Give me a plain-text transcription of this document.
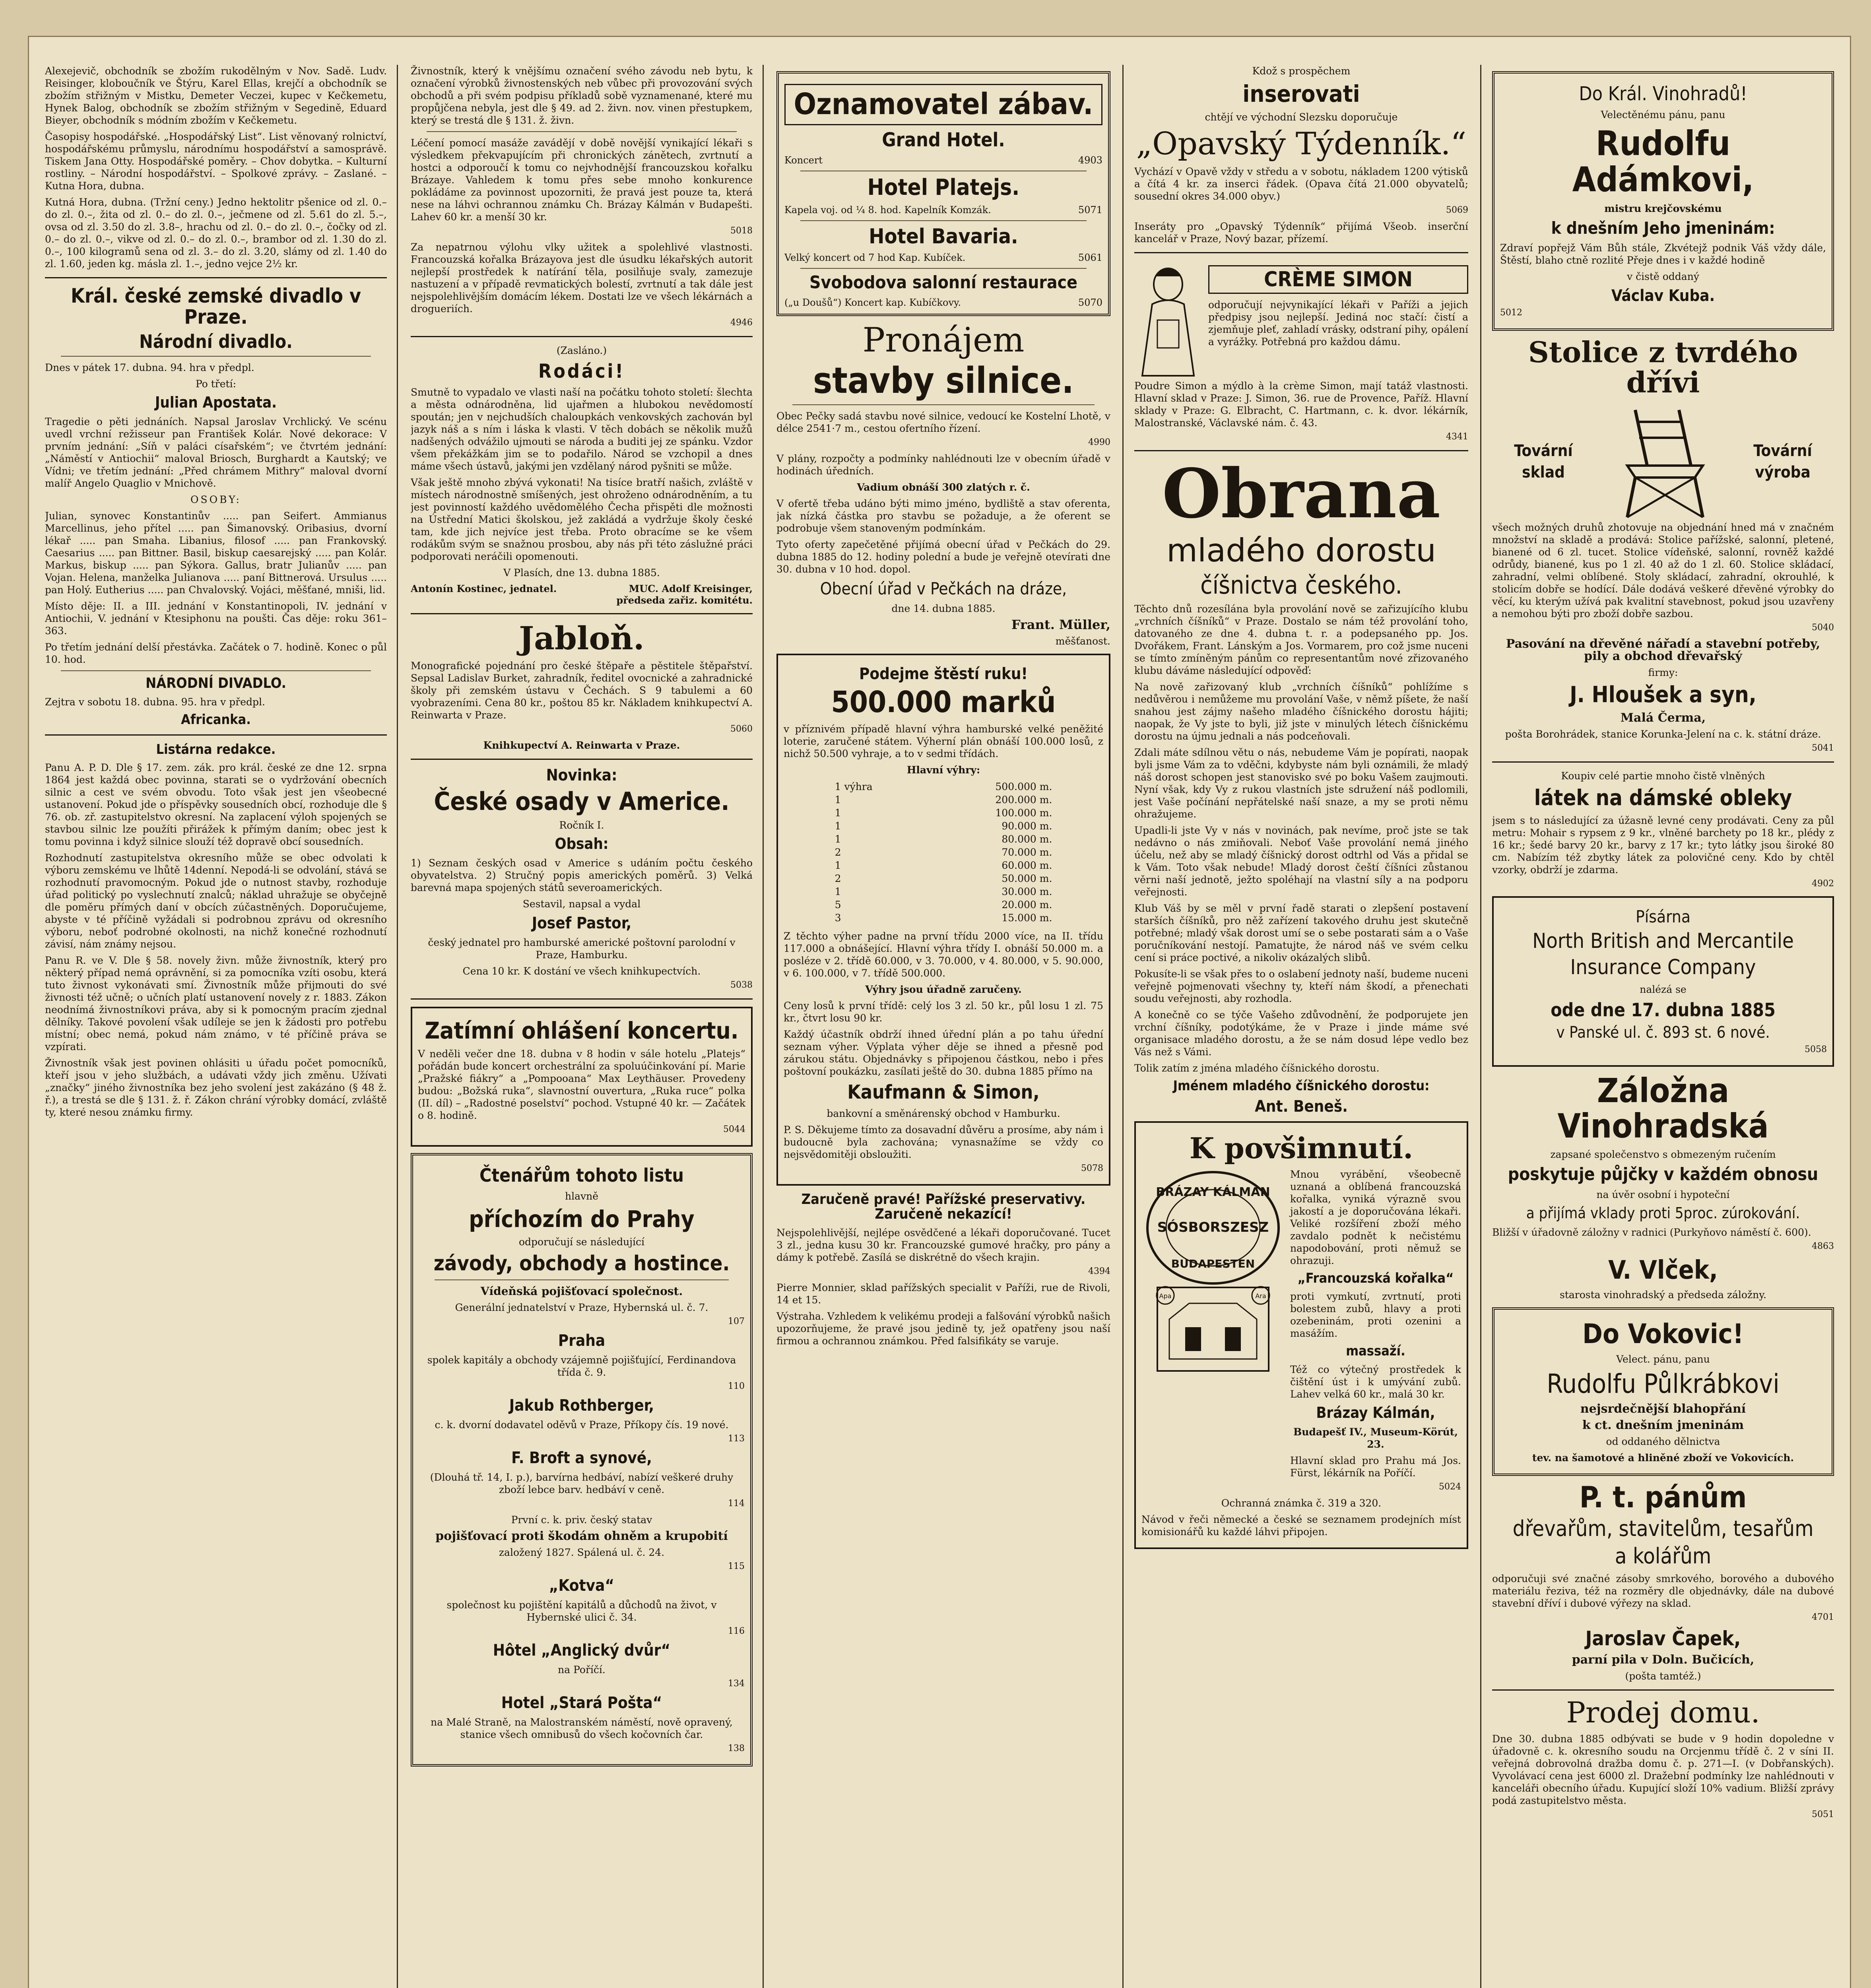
Alexejevič, obchodník se zbožím rukodělným v Nov. Sadě. Ludv. Reisinger, kloboučník ve Štýru, Karel Ellas, krejčí a obchodník se zbožím střižným v Mistku, Demeter Veczei, kupec v Kečkemetu, Hynek Balog, obchodník se zbožím střižným v Segedině, Eduard Bieyer, obchodník s módním zbožím v Kečkemetu.

Časopisy hospodářské. „Hospodářský List“. List věnovaný rolnictví, hospodářskému průmyslu, národnímu hospodářství a samosprávě. Tiskem Jana Otty. Hospodářské poměry. – Chov dobytka. – Kulturní rostliny. – Národní hospodářství. – Spolkové zprávy. – Zaslané. – Kutna Hora, dubna.

Kutná Hora, dubna. (Tržní ceny.) Jedno hektolitr pšenice od zl. 0.– do zl. 0.–, žita od zl. 0.– do zl. 0.–, ječmene od zl. 5.61 do zl. 5.–, ovsa od zl. 3.50 do zl. 3.8–, hrachu od zl. 0.– do zl. 0.–, čočky od zl. 0.– do zl. 0.–, vikve od zl. 0.– do zl. 0.–, brambor od zl. 1.30 do zl. 0.–, 100 kilogramů sena od zl. 3.– do zl. 3.20, slámy od zl. 1.40 do zl. 1.60, jeden kg. másla zl. 1.–, jedno vejce 2½ kr.

Král. české zemské divadlo v Praze.
Národní divadlo.

Dnes v pátek 17. dubna. 94. hra v předpl.

Po třetí:

Julian Apostata.

Tragedie o pěti jednáních. Napsal Jaroslav Vrchlický. Ve scénu uvedl vrchní režisseur pan František Kolár. Nové dekorace: V prvním jednání: „Síň v paláci císařském“; ve čtvrtém jednání: „Náměstí v Antiochii“ maloval Briosch, Burghardt a Kautský; ve Vídni; ve třetím jednání: „Před chrámem Mithry“ maloval dvorní malíř Angelo Quaglio v Mnichově.

OSOBY:

Julian, synovec Konstantinův ..... pan Seifert. Ammianus Marcellinus, jeho přítel ..... pan Šimanovský. Oribasius, dvorní lékař ..... pan Smaha. Libanius, filosof ..... pan Frankovský. Caesarius ..... pan Bittner. Basil, biskup caesarejský ..... pan Kolár. Markus, biskup ..... pan Sýkora. Gallus, bratr Julianův ..... pan Vojan. Helena, manželka Julianova ..... paní Bittnerová. Ursulus ..... pan Holý. Eutherius ..... pan Chvalovský. Vojáci, měšťané, mniši, lid.

Místo děje: II. a III. jednání v Konstantinopoli, IV. jednání v Antiochii, V. jednání v Ktesiphonu na poušti. Čas děje: roku 361–363.

Po třetím jednání delší přestávka. Začátek o 7. hodině. Konec o půl 10. hod.

NÁRODNÍ DIVADLO.

Zejtra v sobotu 18. dubna. 95. hra v předpl.

Africanka.
Listárna redakce.

Panu A. P. D. Dle § 17. zem. zák. pro král. české ze dne 12. srpna 1864 jest každá obec povinna, starati se o vydržování obecních silnic a cest ve svém obvodu. Toto však jest jen všeobecné ustanovení. Pokud jde o příspěvky sousedních obcí, rozhoduje dle § 76. ob. zř. zastupitelstvo okresní. Na zaplacení výloh spojených se stavbou silnic lze použíti přirážek k přímým daním; obec jest k tomu povinna i když silnice slouží též dopravě obcí sousedních.

Rozhodnutí zastupitelstva okresního může se obec odvolati k výboru zemskému ve lhůtě 14denní. Nepodá-li se odvolání, stává se rozhodnutí pravomocným. Pokud jde o nutnost stavby, rozhoduje úřad politický po vyslechnutí znalců; náklad uhražuje se obyčejně dle poměru přímých daní v obcích zúčastněných. Doporučujeme, abyste v té příčině vyžádali si podrobnou zprávu od okresního výboru, neboť podrobné okolnosti, na nichž konečné rozhodnutí závisí, nám známy nejsou.

Panu R. ve V. Dle § 58. novely živn. může živnostník, který pro některý případ nemá oprávnění, si za pomocníka vzíti osobu, která tuto živnost vykonávati smí. Živnostník může přijmouti do své živnosti též učně; o učních platí ustanovení novely z r. 1883. Zákon neodnímá živnostníkovi práva, aby si k pomocným pracím zjednal dělníky. Takové povolení však udíleje se jen k žádosti pro potřebu místní; obec nemá, pokud nám známo, v té příčině práva se vzpírati.

Živnostník však jest povinen ohlásiti u úřadu počet pomocníků, kteří jsou v jeho službách, a udávati vždy jich změnu. Užívati „značky“ jiného živnostníka bez jeho svolení jest zakázáno (§ 48 ž. ř.), a trestá se dle § 131. ž. ř. Zákon chrání výrobky domácí, zvláště ty, které nesou známku firmy.

Živnostník, který k vnějšímu označení svého závodu neb bytu, k označení výrobků živnostenských neb vůbec při provozování svých obchodů a při svém podpisu příkladů sobě vyznamenané, které mu propůjčena nebyla, jest dle § 49. ad 2. živn. nov. vinen přestupkem, který se trestá dle § 131. ž. živn.

Léčení pomocí masáže zavádějí v době novější vynikající lékaři s výsledkem překvapujícím při chronických zánětech, zvrtnutí a hostci a odporoučí k tomu co nejvhodnější francouzskou kořalku Brázaye. Vahledem k tomu přes sebe mnoho konkurence pokládáme za povinnost upozorniti, že pravá jest pouze ta, která nese na láhvi ochrannou známku Ch. Brázay Kálmán v Budapešti. Lahev 60 kr. a menší 30 kr.

5018

Za nepatrnou výlohu vlky užitek a spolehlivé vlastnosti. Francouzská kořalka Brázayova jest dle úsudku lékařských autorit nejlepší prostředek k natírání těla, posilňuje svaly, zamezuje nastuzení a v případě revmatických bolestí, zvrtnutí a tak dále jest nejspolehlivějším domácím lékem. Dostati lze ve všech lékárnách a drogueriích.

4946

(Zasláno.)

Rodáci!

Smutně to vypadalo ve vlasti naší na počátku tohoto století: šlechta a města odnárodněna, lid ujařmen a hlubokou nevědomostí spoután; jen v nejchudších chaloupkách venkovských zachován byl jazyk náš a s ním i láska k vlasti. V těch dobách se několik mužů nadšených odvážilo ujmouti se národa a buditi jej ze spánku. Vzdor všem překážkám jim se to podařilo. Národ se vzchopil a dnes máme všech ústavů, jakými jen vzdělaný národ pyšniti se může.

Však ještě mnoho zbývá vykonati! Na tisíce bratří našich, zvláště v místech národnostně smíšených, jest ohroženo odnárodněním, a tu jest povinností každého uvědomělého Čecha přispěti dle možnosti na Ústřední Matici školskou, jež zakládá a vydržuje školy české tam, kde jich nejvíce jest třeba. Proto obracíme se ke všem rodákům svým se snažnou prosbou, aby nás při této záslužné práci podporovati neráčili opomenouti.

V Plasích, dne 13. dubna 1885.

Antonín Kostinec, jednatel.	MUC. Adolf Kreisinger, předseda zařiz. komitétu.
Jabloň.

Monografické pojednání pro české štěpaře a pěstitele štěpařství. Sepsal Ladislav Burket, zahradník, ředitel ovocnické a zahradnické školy při zemském ústavu v Čechách. S 9 tabulemi a 60 vyobrazeními. Cena 80 kr., poštou 85 kr. Nákladem knihkupectví A. Reinwarta v Praze.

5060

Knihkupectví A. Reinwarta v Praze.

Novinka:
České osady v Americe.

Ročník I.

Obsah:

1) Seznam českých osad v Americe s udáním počtu českého obyvatelstva. 2) Stručný popis amerických poměrů. 3) Velká barevná mapa spojených států severoamerických.

Sestavil, napsal a vydal

Josef Pastor,

český jednatel pro hamburské americké poštovní parolodní v Praze, Hamburku.

Cena 10 kr. K dostání ve všech knihkupectvích.

5038

Zatímní ohlášení koncertu.

V neděli večer dne 18. dubna v 8 hodin v sále hotelu „Platejs“ pořádán bude koncert orchestrální za spoluúčinkování pí. Marie „Pražské fiákry“ a „Pompooana“ Max Leythäuser. Provedeny budou: „Božská ruka“, slavnostní ouvertura, „Ruka ruce“ polka (II. díl) – „Radostné poselství“ pochod. Vstupné 40 kr. — Začátek o 8. hodině.

5044

Čtenářům tohoto listu

hlavně

příchozím do Prahy

odporučují se následující

závody, obchody a hostince.

Vídeňská pojišťovací společnost.

Generální jednatelství v Praze, Hybernská ul. č. 7.

107

Praha

spolek kapitály a obchody vzájemně pojišťující, Ferdinandova třída č. 9.

110

Jakub Rothberger,

c. k. dvorní dodavatel oděvů v Praze, Příkopy čís. 19 nové.

113

F. Broft a synové,

(Dlouhá tř. 14, I. p.), barvírna hedbáví, nabízí veškeré druhy zboží lebce barv. hedbáví v ceně.

114

První c. k. priv. český statav

pojišťovací proti škodám ohněm a krupobití

založený 1827. Spálená ul. č. 24.

115

„Kotva“

společnost ku pojištění kapitálů a důchodů na život, v Hybernské ulici č. 34.

116

Hôtel „Anglický dvůr“

na Poříčí.

134

Hotel „Stará Pošta“

na Malé Straně, na Malostranském náměstí, nově opravený, stanice všech omnibusů do všech kočovních čar.

138

Oznamovatel zábav.
Grand Hotel.
Koncert	4903
Hotel Platejs.
Kapela voj. od ¼ 8. hod. Kapelník Komzák.	5071
Hotel Bavaria.
Velký koncert od 7 hod Kap. Kubíček.	5061
Svobodova salonní restaurace
(„u Doušů“) Koncert kap. Kubíčkovy.	5070
Pronájem
stavby silnice.

Obec Pečky sadá stavbu nové silnice, vedoucí ke Kostelní Lhotě, v délce 2541·7 m., cestou ofertního řízení.

4990

V plány, rozpočty a podmínky nahlédnouti lze v obecním úřadě v hodinách úředních.

Vadium obnáší 300 zlatých r. č.

V ofertě třeba udáno býti mimo jméno, bydliště a stav oferenta, jak nízká částka pro stavbu se požaduje, a že oferent se podrobuje všem stanoveným podmínkám.

Tyto oferty zapečetěné přijímá obecní úřad v Pečkách do 29. dubna 1885 do 12. hodiny polední a bude je veřejně otevírati dne 30. dubna v 10 hod. dopol.

Obecní úřad v Pečkách na dráze,

dne 14. dubna 1885.

Frant. Müller,

měšťanost.

Podejme štěstí ruku!
500.000 marků

v příznivém případě hlavní výhra hamburské velké peněžité loterie, zaručené státem. Výherní plán obnáší 100.000 losů, z nichž 50.500 vyhraje, a to v sedmi třídách.

Hlavní výhry:

1 výhra	500.000 m.
1	200.000 m.
1	100.000 m.
1	90.000 m.
1	80.000 m.
2	70.000 m.
1	60.000 m.
2	50.000 m.
1	30.000 m.
5	20.000 m.
3	15.000 m.

Z těchto výher padne na první třídu 2000 více, na II. třídu 117.000 a obnášející. Hlavní výhra třídy I. obnáší 50.000 m. a posléze v 2. třídě 60.000, v 3. 70.000, v 4. 80.000, v 5. 90.000, v 6. 100.000, v 7. třídě 500.000.

Výhry jsou úřadně zaručeny.

Ceny losů k první třídě: celý los 3 zl. 50 kr., půl losu 1 zl. 75 kr., čtvrt losu 90 kr.

Každý účastník obdrží ihned úřední plán a po tahu úřední seznam výher. Výplata výher děje se ihned a přesně pod zárukou státu. Objednávky s připojenou částkou, nebo i přes poštovní poukázku, zasílati ještě do 30. dubna 1885 přímo na

Kaufmann & Simon,

bankovní a směnárenský obchod v Hamburku.

P. S. Děkujeme tímto za dosavadní důvěru a prosíme, aby nám i budoucně byla zachována; vynasnažíme se vždy co nejsvědomitěji obsloužiti.

5078

Zaručeně pravé! Pařížské preservativy. Zaručeně nekazící!

Nejspolehlivější, nejlépe osvědčené a lékaři doporučované. Tucet 3 zl., jedna kusu 30 kr. Francouzské gumové hračky, pro pány a dámy k potřebě. Zasílá se diskrétně do všech krajin.

4394

Pierre Monnier, sklad pařížských specialit v Paříži, rue de Rivoli, 14 et 15.

Výstraha. Vzhledem k velikému prodeji a falšování výrobků našich upozorňujeme, že pravé jsou jedině ty, jež opatřeny jsou naší firmou a ochrannou známkou. Před falsifikáty se varuje.

Kdož s prospěchem

inserovati

chtějí ve východní Slezsku doporučuje

„Opavský Týdenník.“

Vychází v Opavě vždy v středu a v sobotu, nákladem 1200 výtisků a čítá 4 kr. za inserci řádek. (Opava čítá 21.000 obyvatelů; sousední okres 34.000 obyv.)

5069

Inseráty pro „Opavský Týdenník“ přijímá Všeob. inserční kancelář v Praze, Nový bazar, přízemí.

CRÈME SIMON

odporučují nejvynikající lékaři v Paříži a jejich předpisy jsou nejlepší. Jediná noc stačí: čistí a zjemňuje pleť, zahladí vrásky, odstraní pihy, opálení a vyrážky. Potřebná pro každou dámu.

Poudre Simon a mýdlo à la crème Simon, mají tatáž vlastnosti. Hlavní sklad v Praze: J. Simon, 36. rue de Provence, Paříž. Hlavní sklady v Praze: G. Elbracht, C. Hartmann, c. k. dvor. lékárník, Malostranské, Václavské nám. č. 43.

4341

Obrana
mladého dorostu
číšnictva českého.

Těchto dnů rozesílána byla provolání nově se zařizujícího klubu „vrchních číšníků“ v Praze. Dostalo se nám též provolání toho, datovaného ze dne 4. dubna t. r. a podepsaného pp. Jos. Dvořákem, Frant. Lánským a Jos. Vormarem, pro což jsme nuceni se tímto zmíněným pánům co representantům nové zřizovaného klubu dáváme následující odpověď:

Na nově zařizovaný klub „vrchních číšníků“ pohlížíme s nedůvěrou i nemůžeme mu provolání Vaše, v němž píšete, že naší snahou jest zájmy našeho mladého číšnického dorostu hájiti; naopak, že Vy jste to byli, již jste v minulých létech číšnickému dorostu na újmu jednali a nás podceňovali.

Zdali máte sdílnou větu o nás, nebudeme Vám je popírati, naopak byli jsme Vám za to vděčni, kdybyste nám byli oznámili, že mladý náš dorost schopen jest stanovisko své po boku Vašem zaujmouti. Nyní však, kdy Vy z rukou vlastních jste sdružení náš podlomili, jest Vaše počínání nepřátelské naší snaze, a my se proti němu ohražujeme.

Upadli-li jste Vy v nás v novinách, pak nevíme, proč jste se tak nedávno o nás zmiňovali. Neboť Vaše provolání nemá jiného účelu, než aby se mladý číšnický dorost odtrhl od Vás a přidal se k Vám. Toto však nebude! Mladý dorost čeští číšníci zůstanou věrni naší jednotě, ježto spoléhají na vlastní síly a na podporu veřejnosti.

Klub Váš by se měl v první řadě starati o zlepšení postavení starších číšníků, pro něž zařízení takového druhu jest skutečně potřebné; mladý však dorost umí se o sebe postarati sám a o Vaše poručníkování nestojí. Pamatujte, že národ náš ve svém celku cení si práce poctivé, a nikoliv okázalých slibů.

Pokusíte-li se však přes to o oslabení jednoty naší, budeme nuceni veřejně pojmenovati všechny ty, kteří nám škodí, a přenechati soudu veřejnosti, aby rozhodla.

A konečně co se týče Vašeho zdůvodnění, že podporujete jen vrchní číšníky, podotýkáme, že v Praze i jinde máme své organisace mladého dorostu, a že se nám dosud lépe vedlo bez Vás než s Vámi.

Tolik zatím z jména mladého číšnického dorostu.

Jménem mladého číšnického dorostu:
Ant. Beneš.
K povšimnutí.
BRÁZAY KÁLMÁN
SÓSBORSZESZ
BUDAPESTEN
Apa	Ara

Mnou vyrábění, všeobecně uznaná a oblíbená francouzská kořalka, vyniká výrazně svou jakostí a je doporučována lékaři. Veliké rozšíření zboží mého zavdalo podnět k nečistému napodobování, proti němuž se ohrazuji.

„Francouzská kořalka“

proti vymkutí, zvrtnutí, proti bolestem zubů, hlavy a proti ozebeninám, proti ozenini a masážím.

massaží.

Též co výtečný prostředek k čištění úst i k umývání zubů. Lahev velká 60 kr., malá 30 kr.

Brázay Kálmán,

Budapešť IV., Museum-Körút, 23.

Hlavní sklad pro Prahu má Jos. Fürst, lékárník na Poříčí.

5024

Ochranná známka č. 319 a 320.

Návod v řeči německé a české se seznamem prodejních míst komisionářů ku každé láhvi připojen.

Do Král. Vinohradů!

Velectěnému pánu, panu

Rudolfu Adámkovi,

mistru krejčovskému

k dnešním Jeho jmeninám:

Zdraví popřejž Vám Bůh stále, Zkvétejž podnik Váš vždy dále, Štěstí, blaho ctně rozlité Přeje dnes i v každé hodině

v čistě oddaný

Václav Kuba.

5012

Stolice z tvrdého dřívi
Tovární
sklad
Tovární
výroba

všech možných druhů zhotovuje na objednání hned má v značném množství na skladě a prodává: Stolice pařížské, salonní, pletené, bianené od 6 zl. tucet. Stolice vídeňské, salonní, rovněž každé odrůdy, bianené, kus po 1 zl. 40 až do 1 zl. 60. Stolice skládací, zahradní, velmi oblíbené. Stoly skládací, zahradní, okrouhlé, k stolicím dobře se hodící. Dále dodává veškeré dřevěné výrobky do věcí, ku kterým užívá pak kvalitní stavebnost, pokud jsou uzavřeny a nemohou býti pro zboží dobře sazbou.

5040

Pasování na dřevěné nářadí a stavební potřeby, pily a obchod dřevařský

firmy:

J. Hloušek a syn,

Malá Čerma,

pošta Borohrádek, stanice Korunka-Jelení na c. k. státní dráze.

5041

Koupiv celé partie mnoho čistě vlněných

látek na dámské obleky

jsem s to následující za úžasně levné ceny prodávati. Ceny za půl metru: Mohair s rypsem z 9 kr., vlněné barchety po 18 kr., plédy z 16 kr.; šedé barvy 20 kr., barvy z 17 kr.; tyto látky jsou široké 80 cm. Nabízím též zbytky látek za polovičné ceny. Kdo by chtěl vzorky, obdrží je zdarma.

4902

Písárna
North British and Mercantile
Insurance Company

nalézá se

ode dne 17. dubna 1885
v Panské ul. č. 893 st. 6 nové.

5058

Záložna Vinohradská

zapsané společenstvo s obmezeným ručením

poskytuje půjčky v každém obnosu

na úvěr osobní i hypoteční

a přijímá vklady proti 5proc. zúrokování.

Bližší v úřadovně záložny v radnici (Purkyňovo náměstí č. 600).

4863

V. Vlček,

starosta vinohradský a předseda záložny.

Do Vokovic!

Velect. pánu, panu

Rudolfu Půlkrábkovi

nejsrdečnější blahopřání

k ct. dnešním jmeninám

od oddaného dělnictva

tev. na šamotové a hliněné zboží ve Vokovicích.

P. t. pánům
dřevařům, stavitelům, tesařům
a kolářům

odporučuji své značné zásoby smrkového, borového a dubového materiálu řeziva, též na rozměry dle objednávky, dále na dubové stavební dříví i dubové výřezy na sklad.

4701

Jaroslav Čapek,

parní pila v Doln. Bučicích,

(pošta tamtéž.)

Prodej domu.

Dne 30. dubna 1885 odbývati se bude v 9 hodin dopoledne v úřadovně c. k. okresního soudu na Orcjenmu třídě č. 2 v síni II. veřejná dobrovolná dražba domu č. p. 271—I. (v Dobřanských). Vyvolávací cena jest 6000 zl. Dražební podmínky lze nahlédnouti v kanceláři obecního úřadu. Kupující složí 10% vadium. Bližší zprávy podá zastupitelstvo města.

5051
